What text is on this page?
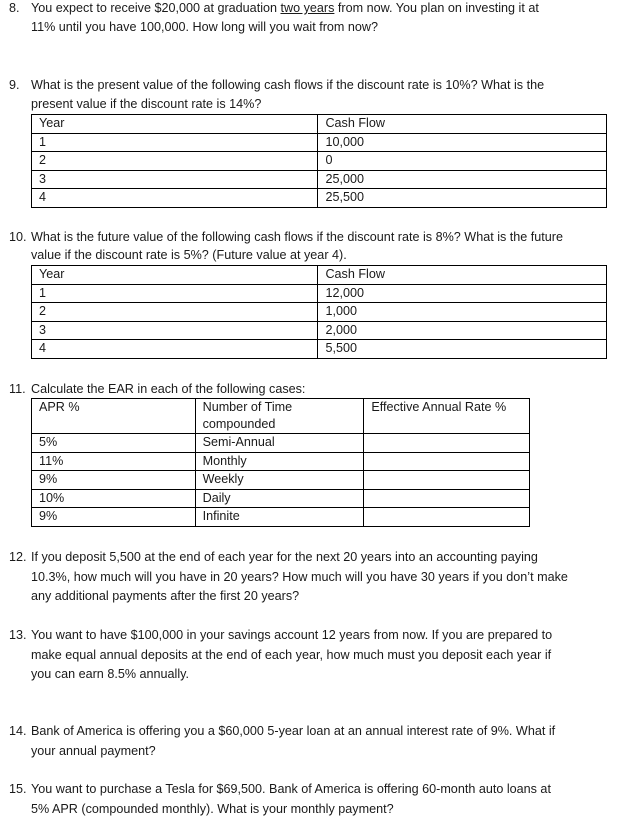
8. You expect to receive $20,000 at graduation two years from now. You plan on investing it at
11% until you have 100,000. How long will you wait from now?
9. What is the present value of the following cash flows if the discount rate is 10%? What is the
present value if the discount rate is 14%?
Year	Cash Flow
1	10,000
2	0
3	25,000
4	25,500
10. What is the future value of the following cash flows if the discount rate is 8%? What is the future
value if the discount rate is 5%? (Future value at year 4).
Year	Cash Flow
1	12,000
2	1,000
3	2,000
4	5,500
11. Calculate the EAR in each of the following cases:
APR %	Number of Time compounded	Effective Annual Rate %
5%	Semi-Annual	
11%	Monthly	
9%	Weekly	
10%	Daily	
9%	Infinite	
12. If you deposit 5,500 at the end of each year for the next 20 years into an accounting paying
10.3%, how much will you have in 20 years? How much will you have 30 years if you don’t make
any additional payments after the first 20 years?
13. You want to have $100,000 in your savings account 12 years from now. If you are prepared to
make equal annual deposits at the end of each year, how much must you deposit each year if
you can earn 8.5% annually.
14. Bank of America is offering you a $60,000 5-year loan at an annual interest rate of 9%. What if
your annual payment?
15. You want to purchase a Tesla for $69,500. Bank of America is offering 60-month auto loans at
5% APR (compounded monthly). What is your monthly payment?
